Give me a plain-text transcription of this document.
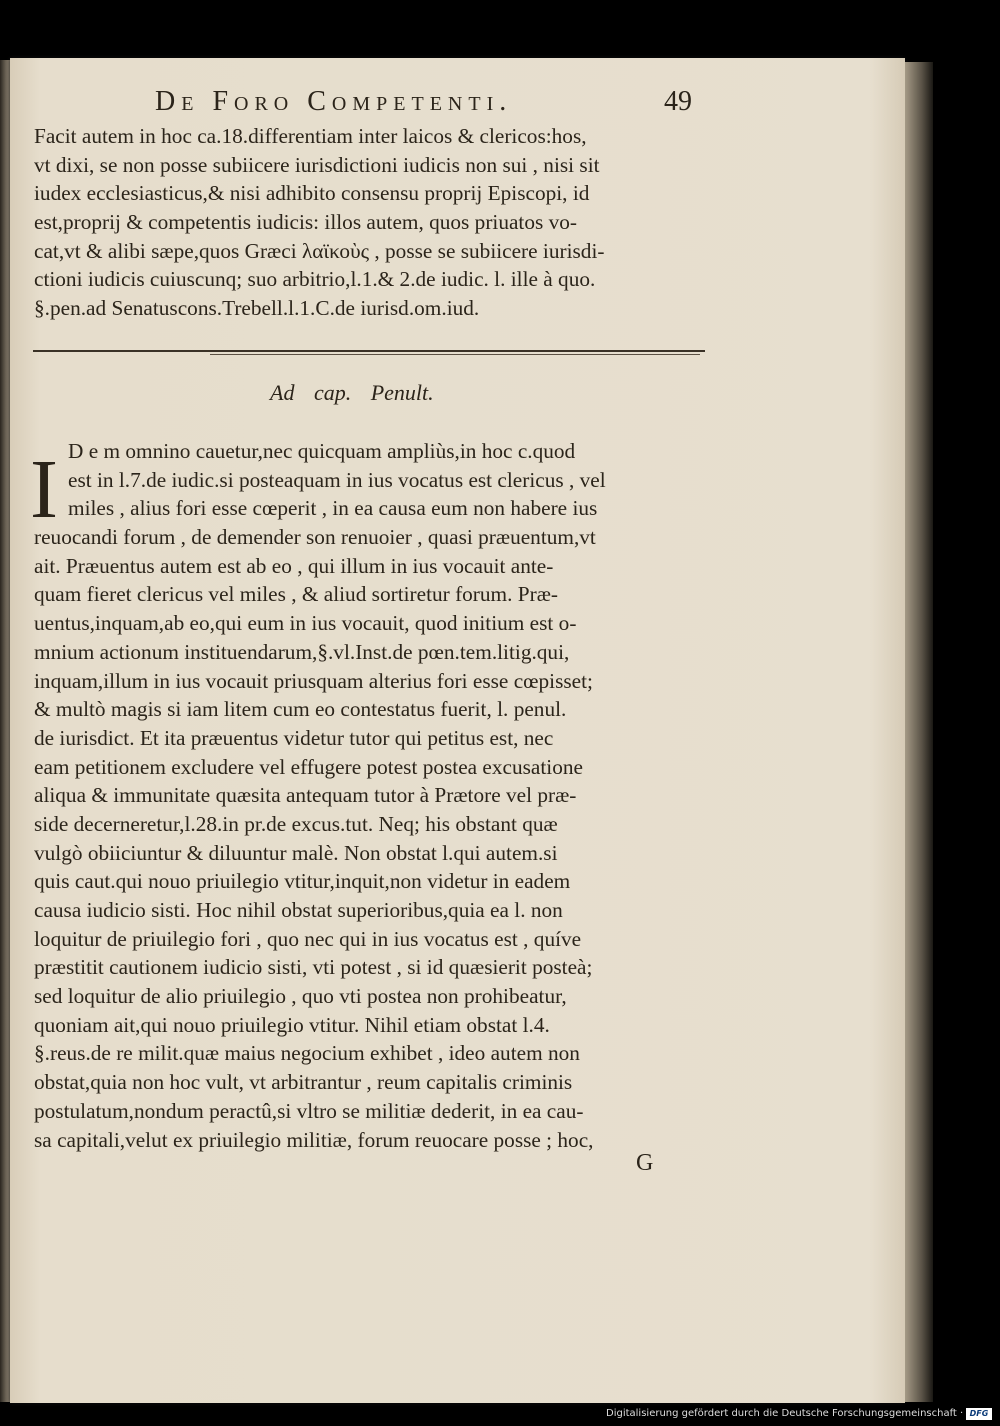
De Foro Competenti.	49
Facit autem in hoc ca.18.differentiam inter laicos & clericos:hos,
vt dixi, se non posse subiicere iurisdictioni iudicis non sui , nisi sit
iudex ecclesiasticus,& nisi adhibito consensu proprij Episcopi, id
est,proprij & competentis iudicis: illos autem, quos priuatos vo-
cat,vt & alibi sæpe,quos Græci λαϊκοὺς , posse se subiicere iurisdi-
ctioni iudicis cuiuscunq; suo arbitrio,l.1.& 2.de iudic. l. ille à quo.
§.pen.ad Senatuscons.Trebell.l.1.C.de iurisd.om.iud.
Ad cap. Penult.
I D e m omnino cauetur,nec quicquam ampliùs,in hoc c.quod
est in l.7.de iudic.si posteaquam in ius vocatus est clericus , vel
miles , alius fori esse cœperit , in ea causa eum non habere ius
reuocandi forum , de demender son renuoier , quasi præuentum,vt
ait. Præuentus autem est ab eo , qui illum in ius vocauit ante-
quam fieret clericus vel miles , & aliud sortiretur forum. Præ-
uentus,inquam,ab eo,qui eum in ius vocauit, quod initium est o-
mnium actionum instituendarum,§.vl.Inst.de pœn.tem.litig.qui,
inquam,illum in ius vocauit priusquam alterius fori esse cœpisset;
& multò magis si iam litem cum eo contestatus fuerit, l. penul.
de iurisdict. Et ita præuentus videtur tutor qui petitus est, nec
eam petitionem excludere vel effugere potest postea excusatione
aliqua & immunitate quæsita antequam tutor à Prætore vel præ-
side decerneretur,l.28.in pr.de excus.tut. Neq; his obstant quæ
vulgò obiiciuntur & diluuntur malè. Non obstat l.qui autem.si
quis caut.qui nouo priuilegio vtitur,inquit,non videtur in eadem
causa iudicio sisti. Hoc nihil obstat superioribus,quia ea l. non
loquitur de priuilegio fori , quo nec qui in ius vocatus est , quíve
præstitit cautionem iudicio sisti, vti potest , si id quæsierit posteà;
sed loquitur de alio priuilegio , quo vti postea non prohibeatur,
quoniam ait,qui nouo priuilegio vtitur. Nihil etiam obstat l.4.
§.reus.de re milit.quæ maius negocium exhibet , ideo autem non
obstat,quia non hoc vult, vt arbitrantur , reum capitalis criminis
postulatum,nondum peractû,si vltro se militiæ dederit, in ea cau-
sa capitali,velut ex priuilegio militiæ, forum reuocare posse ; hoc,
G
Digitalisierung gefördert durch die Deutsche Forschungsgemeinschaft · DFG
